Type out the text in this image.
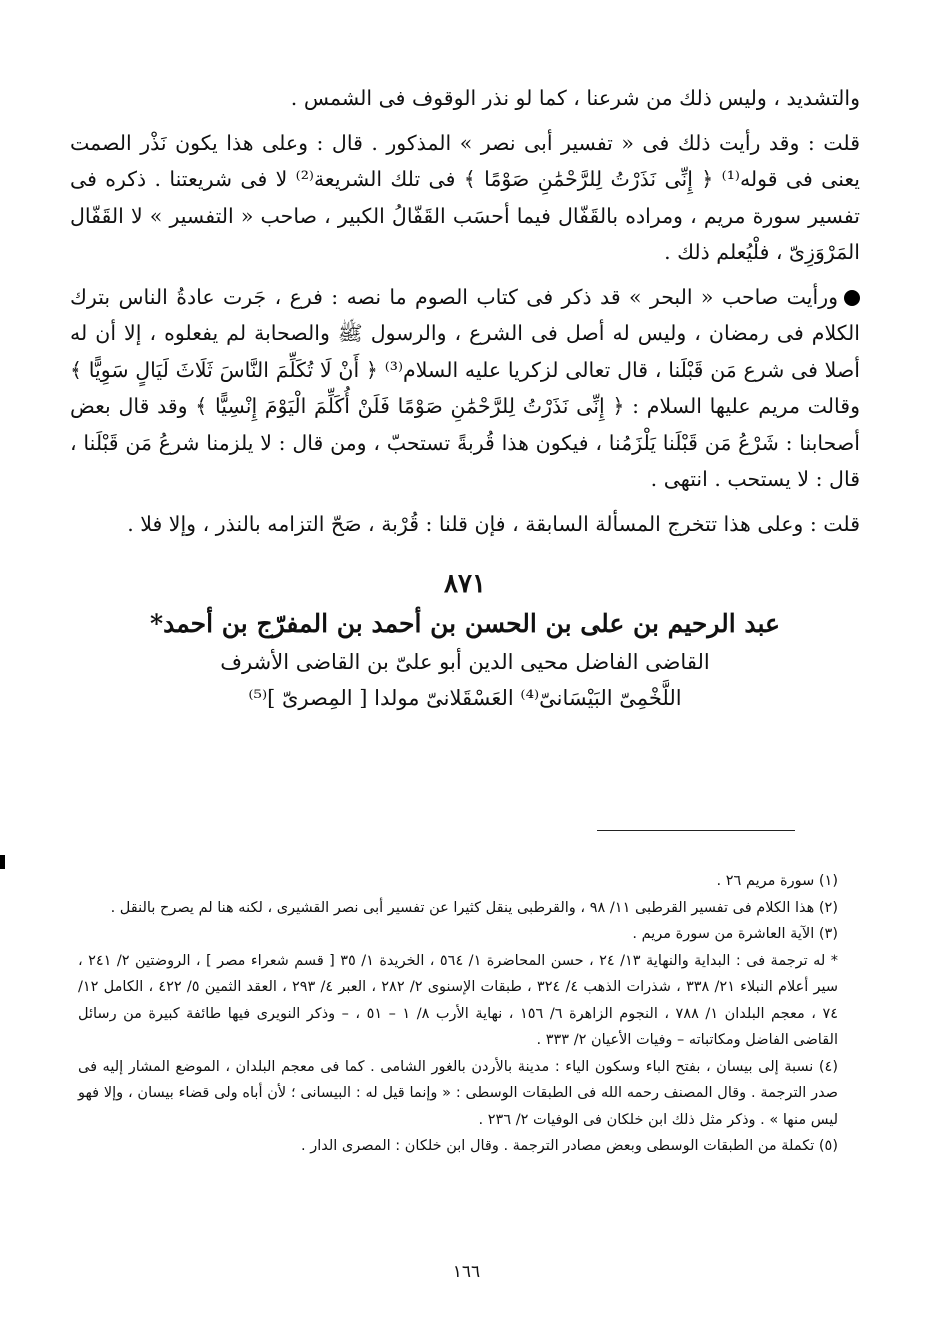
والتشديد ، وليس ذلك من شرعنا ، كما لو نذر الوقوف فى الشمس .

قلت : وقد رأيت ذلك فى « تفسير أبى نصر » المذكور . قال : وعلى هذا يكون نَذْر الصمت يعنى فى قوله⁽¹⁾ ﴿ إِنِّى نَذَرْتُ لِلرَّحْمَٰنِ صَوْمًا ﴾ فى تلك الشريعة⁽²⁾ لا فى شريعتنا . ذكره فى تفسير سورة مريم ، ومراده بالقَفّال فيما أحسَب القَفّالُ الكبير ، صاحب « التفسير » لا القَفّال المَرْوَزِىّ ، فلْيُعلم ذلك .

ورأيت صاحب « البحر » قد ذكر فى كتاب الصوم ما نصه : فرع ، جَرت عادةُ الناس بترك الكلام فى رمضان ، وليس له أصل فى الشرع ، والرسول ﷺ والصحابة لم يفعلوه ، إلا أن له أصلا فى شرع مَن قَبْلَنا ، قال تعالى لزكريا عليه السلام⁽³⁾ ﴿ أَنْ لَا تُكَلِّمَ النَّاسَ ثَلَاثَ لَيَالٍ سَوِيًّا ﴾ وقالت مريم عليها السلام : ﴿ إِنِّى نَذَرْتُ لِلرَّحْمَٰنِ صَوْمًا فَلَنْ أُكَلِّمَ الْيَوْمَ إِنْسِيًّا ﴾ وقد قال بعض أصحابنا : شَرْعُ مَن قَبْلَنا يَلْزَمُنا ، فيكون هذا قُربةً تستحبّ ، ومن قال : لا يلزمنا شرعُ مَن قَبْلَنا ، قال : لا يستحب . انتهى .

قلت : وعلى هذا تتخرج المسألة السابقة ، فإن قلنا : قُرْبة ، صَحّ التزامه بالنذر ، وإلا فلا .

٨٧١
عبد الرحيم بن على بن الحسن بن أحمد بن المفرّج بن أحمد*
القاضى الفاضل محيى الدين أبو علىّ بن القاضى الأشرف
اللَّخْمِىّ البَيْسَانىّ⁽⁴⁾ العَسْقَلانىّ مولدا [ المِصرىّ ]⁽⁵⁾

(١) سورة مريم ٢٦ .

(٢) هذا الكلام فى تفسير القرطبى ١١/ ٩٨ ، والقرطبى ينقل كثيرا عن تفسير أبى نصر القشيرى ، لكنه هنا لم يصرح بالنقل .

(٣) الآية العاشرة من سورة مريم .

* له ترجمة فى : البداية والنهاية ١٣/ ٢٤ ، حسن المحاضرة ١/ ٥٦٤ ، الخريدة ١/ ٣٥ [ قسم شعراء مصر ] ، الروضتين ٢/ ٢٤١ ، سير أعلام النبلاء ٢١/ ٣٣٨ ، شذرات الذهب ٤/ ٣٢٤ ، طبقات الإسنوى ٢/ ٢٨٢ ، العبر ٤/ ٢٩٣ ، العقد الثمين ٥/ ٤٢٢ ، الكامل ١٢/ ٧٤ ، معجم البلدان ١/ ٧٨٨ ، النجوم الزاهرة ٦/ ١٥٦ ، نهاية الأرب ٨/ ١ – ٥١ ، – وذكر النويرى فيها طائفة كبيرة من رسائل القاضى الفاضل ومكاتباته – وفيات الأعيان ٢/ ٣٣٣ .

(٤) نسبة إلى بيسان ، بفتح الباء وسكون الياء : مدينة بالأردن بالغور الشامى . كما فى معجم البلدان ، الموضع المشار إليه فى صدر الترجمة . وقال المصنف رحمه الله فى الطبقات الوسطى : « وإنما قيل له : البيسانى ؛ لأن أباه ولى قضاء بيسان ، وإلا فهو ليس منها » . وذكر مثل ذلك ابن خلكان فى الوفيات ٢/ ٢٣٦ .

(٥) تكملة من الطبقات الوسطى وبعض مصادر الترجمة . وقال ابن خلكان : المصرى الدار .

١٦٦
